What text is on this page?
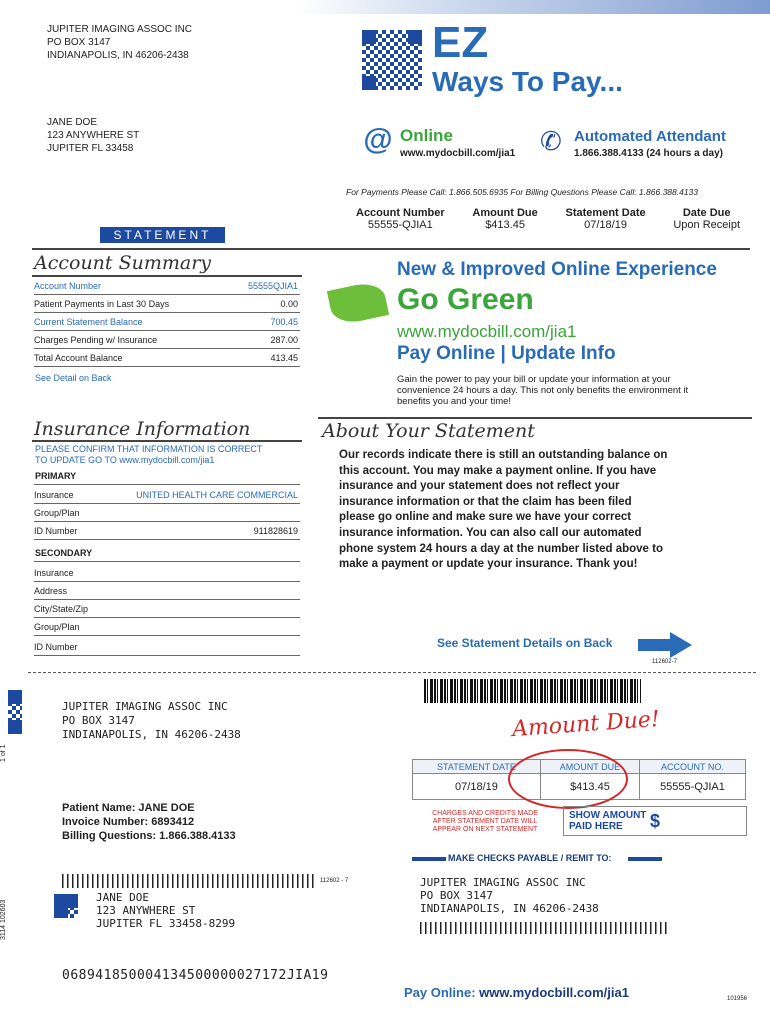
JUPITER IMAGING ASSOC INC
PO BOX 3147
INDIANAPOLIS, IN 46206-2438
JANE DOE
123 ANYWHERE ST
JUPITER FL 33458
EZ
Ways To Pay...
@ Online
www.mydocbill.com/jia1 ✆ Automated Attendant
1.866.388.4133 (24 hours a day)
For Payments Please Call: 1.866.505.6935 For Billing Questions Please Call: 1.866.388.4133
Account Number
55555-QJIA1
Amount Due
$413.45
Statement Date
07/18/19
Date Due
Upon Receipt
STATEMENT
Account Summary
Account Number	55555QJIA1
Patient Payments in Last 30 Days	0.00
Current Statement Balance	700.45
Charges Pending w/ Insurance	287.00
Total Account Balance	413.45
See Detail on Back
New & Improved Online Experience
Go Green
www.mydocbill.com/jia1
Pay Online | Update Info
Gain the power to pay your bill or update your information at your convenience 24 hours a day. This not only benefits the environment it benefits you and your time!
Insurance Information
PLEASE CONFIRM THAT INFORMATION IS CORRECT
TO UPDATE GO TO www.mydocbill.com/jia1
PRIMARY
Insurance	UNITED HEALTH CARE COMMERCIAL
Group/Plan
ID Number	911828619
SECONDARY
Insurance
Address
City/State/Zip
Group/Plan
ID Number
About Your Statement
Our records indicate there is still an outstanding balance on this account. You may make a payment online. If you have insurance and your statement does not reflect your insurance information or that the claim has been filed please go online and make sure we have your correct insurance information. You can also call our automated phone system 24 hours a day at the number listed above to make a payment or update your insurance. Thank you!
See Statement Details on Back
112602-7
JUPITER IMAGING ASSOC INC
PO BOX 3147
INDIANAPOLIS, IN 46206-2438	Amount Due!
STATEMENT DATE	AMOUNT DUE	ACCOUNT NO.
07/18/19	$413.45	55555-QJIA1
CHARGES AND CREDITS MADE AFTER STATEMENT DATE WILL APPEAR ON NEXT STATEMENT
SHOW AMOUNT PAID HERE	$
Patient Name: JANE DOE
Invoice Number: 6893412
Billing Questions: 1.866.388.4133
MAKE CHECKS PAYABLE / REMIT TO:
112602 - 7
JANE DOE
123 ANYWHERE ST
JUPITER FL 33458-8299
JUPITER IMAGING ASSOC INC
PO BOX 3147
INDIANAPOLIS, IN 46206-2438
068941850004134500000027172JIA19
Pay Online: www.mydocbill.com/jia1	101956
1 of 1
3114 102603
